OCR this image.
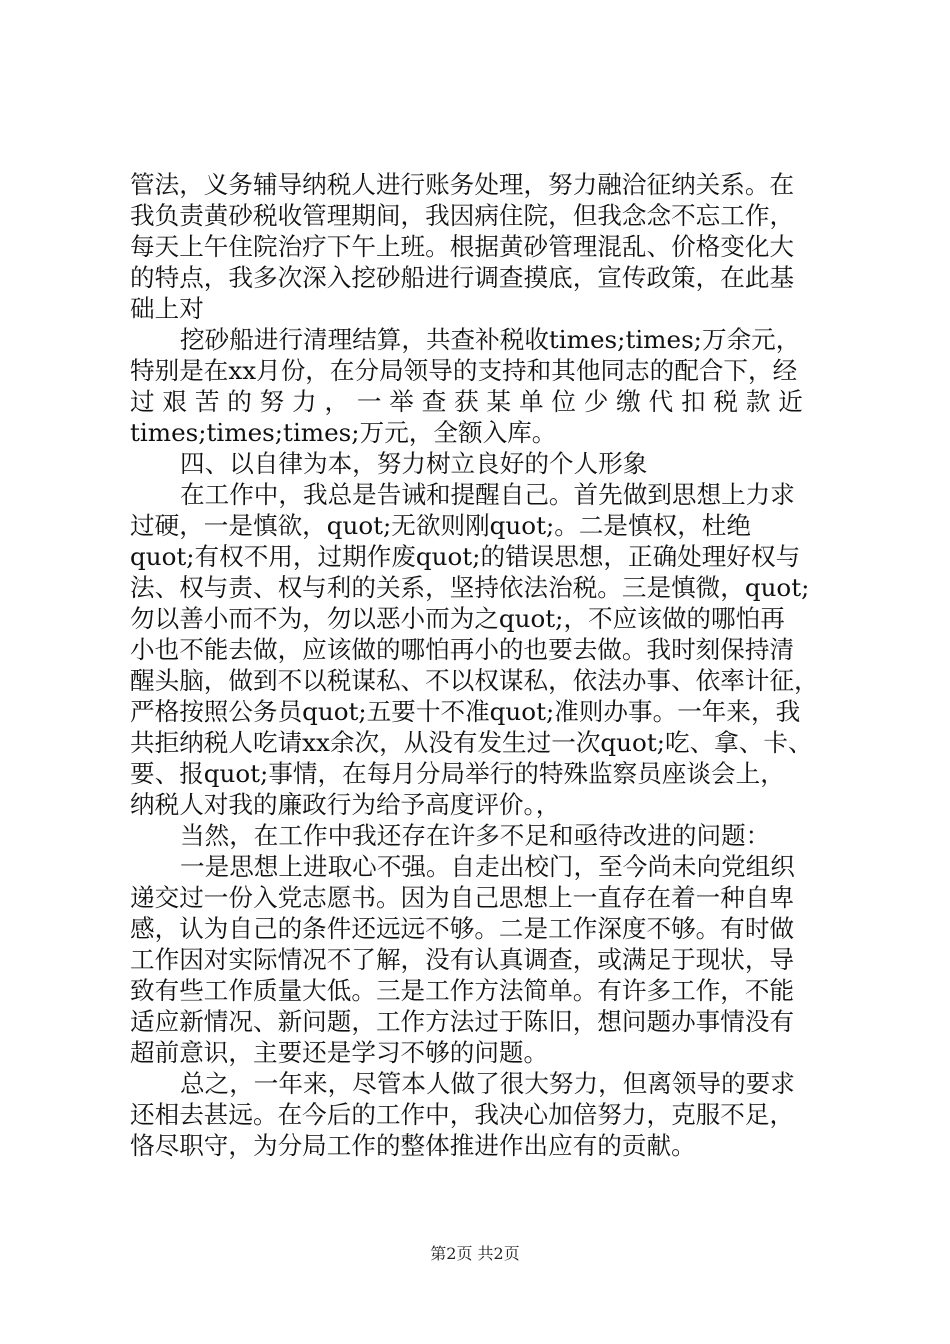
管法，义务辅导纳税人进行账务处理，努力融洽征纳关系。在
我负责黄砂税收管理期间，我因病住院，但我念念不忘工作，
每天上午住院治疗下午上班。根据黄砂管理混乱、价格变化大
的特点，我多次深入挖砂船进行调查摸底，宣传政策，在此基
础上对
挖砂船进行清理结算，共查补税收times;times;万余元，
特别是在xx月份，在分局领导的支持和其他同志的配合下，经
过 艰 苦 的 努 力 ， 一 举 查 获 某 单 位 少 缴 代 扣 税 款 近
times;times;times;万元，全额入库。
四、以自律为本，努力树立良好的个人形象
在工作中，我总是告诫和提醒自己。首先做到思想上力求
过硬，一是慎欲，quot;无欲则刚quot;。二是慎权，杜绝
quot;有权不用，过期作废quot;的错误思想，正确处理好权与
法、权与责、权与利的关系，坚持依法治税。三是慎微，quot;
勿以善小而不为，勿以恶小而为之quot;，不应该做的哪怕再
小也不能去做，应该做的哪怕再小的也要去做。我时刻保持清
醒头脑，做到不以税谋私、不以权谋私，依法办事、依率计征，
严格按照公务员quot;五要十不准quot;准则办事。一年来，我
共拒纳税人吃请xx余次，从没有发生过一次quot;吃、拿、卡、
要、报quot;事情，在每月分局举行的特殊监察员座谈会上，
纳税人对我的廉政行为给予高度评价。，
当然，在工作中我还存在许多不足和亟待改进的问题：
一是思想上进取心不强。自走出校门，至今尚未向党组织
递交过一份入党志愿书。因为自己思想上一直存在着一种自卑
感，认为自己的条件还远远不够。二是工作深度不够。有时做
工作因对实际情况不了解，没有认真调查，或满足于现状，导
致有些工作质量大低。三是工作方法简单。有许多工作，不能
适应新情况、新问题，工作方法过于陈旧，想问题办事情没有
超前意识，主要还是学习不够的问题。
总之，一年来，尽管本人做了很大努力，但离领导的要求
还相去甚远。在今后的工作中，我决心加倍努力，克服不足，
恪尽职守，为分局工作的整体推进作出应有的贡献。
第2页 共2页
